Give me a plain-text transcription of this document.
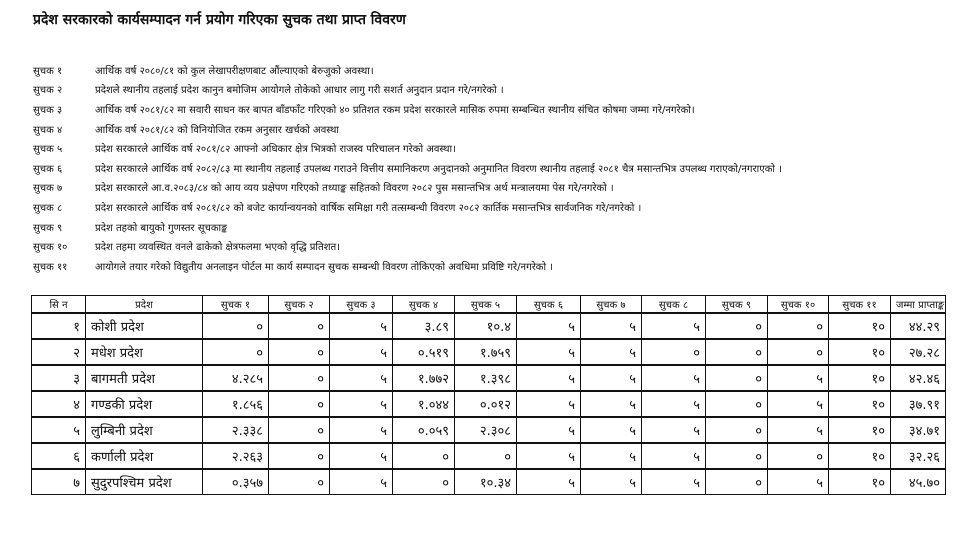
प्रदेश सरकारको कार्यसम्पादन गर्न प्रयोग गरिएका सुचक तथा प्राप्त विवरण
सुचक १	आर्थिक वर्ष २०८०/८१ को कुल लेखापरीक्षणबाट औंल्याएको बेरुजुको अवस्था।
सुचक २	प्रदेशले स्थानीय तहलाई प्रदेश कानुन बमोजिम आयोगले तोकेको आधार लागु गरी सशर्त अनुदान प्रदान गरे/नगरेको ।
सुचक ३	आर्थिक वर्ष २०८१/८२ मा सवारी साधन कर बापत बाँडफाँट गरिएको ४० प्रतिशत रकम प्रदेश सरकारले मासिक रुपमा सम्बन्धित स्थानीय संचित कोषमा जम्मा गरे/नगरेको।
सुचक ४	आर्थिक वर्ष २०८१/८२ को विनियोजित रकम अनुसार खर्चको अवस्था
सुचक ५	प्रदेश सरकारले आर्थिक वर्ष २०८१/८२ आफ्नो अधिकार क्षेत्र भित्रको राजस्व परिचालन गरेको अवस्था।
सुचक ६	प्रदेश सरकारले आर्थिक वर्ष २०८२/८३ मा स्थानीय तहलाई उपलब्ध गराउने वित्तीय समानिकरण अनुदानको अनुमानित विवरण स्थानीय तहलाई २०८१ चैत्र मसान्तभित्र उपलब्ध गराएको/नगराएको ।
सुचक ७	प्रदेश सरकारले आ.व.२०८३/८४ को आय व्यय प्रक्षेपण गरिएको तथ्याङ्क सहितको विवरण २०८२ पुस मसान्तभित्र अर्थ मन्त्रालयमा पेस गरे/नगरेको ।
सुचक ८	प्रदेश सरकारले आर्थिक वर्ष २०८१/८२ को बजेट कार्यान्वयनको वार्षिक समिक्षा गरी तत्सम्बन्धी विवरण २०८२ कार्तिक मसान्तभित्र सार्वजनिक गरे/नगरेको ।
सुचक ९	प्रदेश तहको बायुको गुणस्तर सूचकाङ्क
सुचक १०	प्रदेश तहमा व्यवस्थित वनले ढाकेको क्षेत्रफलमा भएको वृद्धि प्रतिशत।
सुचक ११	आयोगले तयार गरेको विद्युतीय अनलाइन पोर्टल मा कार्य सम्पादन सुचक सम्बन्धी विवरण तोकिएको अवधिमा प्रविष्टि गरे/नगरेको ।
सि न	प्रदेश	सुचक १	सुचक २	सुचक ३	सुचक ४	सुचक ५	सुचक ६	सुचक ७	सुचक ८	सुचक ९	सुचक १०	सुचक ११	जम्मा प्राप्ताङ्क
१	कोशी प्रदेश	०	०	५	३.८९	१०.४	५	५	५	०	०	१०	४४.२९
२	मधेश प्रदेश	०	०	५	०.५१९	१.७५९	५	५	०	०	०	१०	२७.२८
३	बागमती प्रदेश	४.२८५	०	५	१.७७२	१.३९८	५	५	५	०	५	१०	४२.४६
४	गण्डकी प्रदेश	१.८५६	०	५	१.०४४	०.०१२	५	५	५	०	५	१०	३७.९१
५	लुम्बिनी प्रदेश	२.३३८	०	५	०.०५९	२.३०८	५	५	५	०	५	१०	३४.७१
६	कर्णाली प्रदेश	२.२६३	०	५	०	०	५	५	५	०	०	१०	३२.२६
७	सुदुरपश्चिम प्रदेश	०.३५७	०	५	०	१०.३४	५	५	५	०	५	१०	४५.७०
